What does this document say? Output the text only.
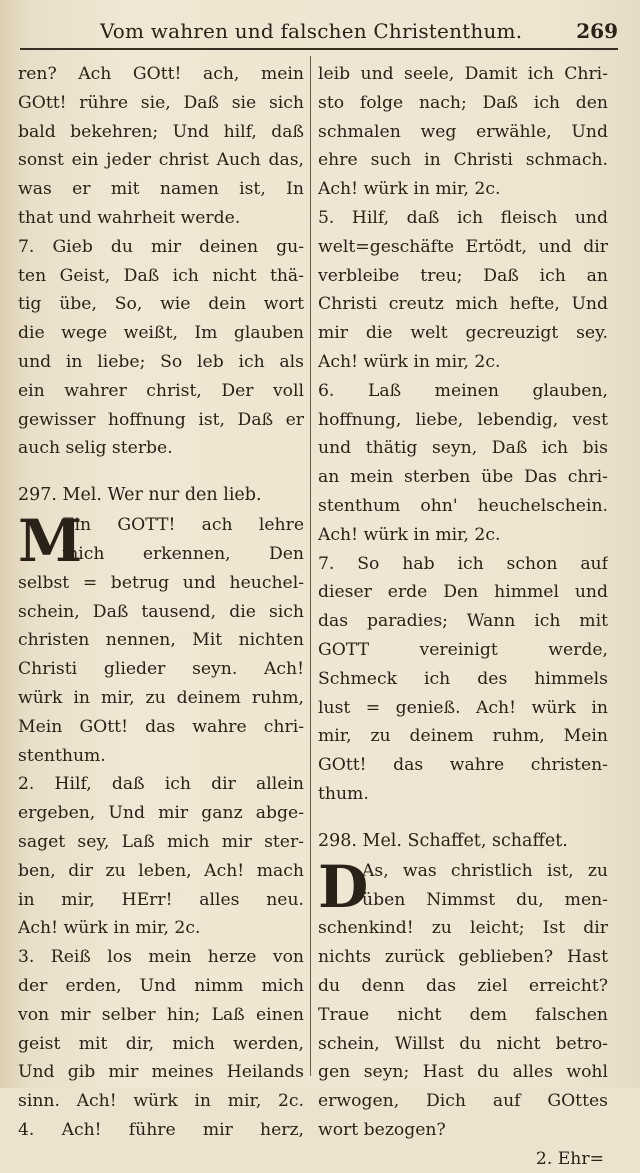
Vom wahren und falschen Christenthum.	269
ren? Ach GOtt! ach, mein
GOtt! rühre sie, Daß sie sich
bald bekehren; Und hilf, daß
sonst ein jeder christ Auch das,
was er mit namen ist, In
that und wahrheit werde.
7. Gieb du mir deinen gu-
ten Geist, Daß ich nicht thä-
tig übe, So, wie dein wort
die wege weißt, Im glauben
und in liebe; So leb ich als
ein wahrer christ, Der voll
gewisser hoffnung ist, Daß er
auch selig sterbe.
297. Mel. Wer nur den lieb.
M
Ein GOTT! ach lehre
mich erkennen, Den
selbst = betrug und heuchel-
schein, Daß tausend, die sich
christen nennen, Mit nichten
Christi glieder seyn. Ach!
würk in mir, zu deinem ruhm,
Mein GOtt! das wahre chri-
stenthum.
2. Hilf, daß ich dir allein
ergeben, Und mir ganz abge-
saget sey, Laß mich mir ster-
ben, dir zu leben, Ach! mach
in mir, HErr! alles neu.
Ach! würk in mir, 2c.
3. Reiß los mein herze von
der erden, Und nimm mich
von mir selber hin; Laß einen
geist mit dir, mich werden,
Und gib mir meines Heilands
sinn. Ach! würk in mir, 2c.
4. Ach! führe mir herz,
leib und seele, Damit ich Chri-
sto folge nach; Daß ich den
schmalen weg erwähle, Und
ehre such in Christi schmach.
Ach! würk in mir, 2c.
5. Hilf, daß ich fleisch und
welt=geschäfte Ertödt, und dir
verbleibe treu; Daß ich an
Christi creutz mich hefte, Und
mir die welt gecreuzigt sey.
Ach! würk in mir, 2c.
6. Laß meinen glauben,
hoffnung, liebe, lebendig, vest
und thätig seyn, Daß ich bis
an mein sterben übe Das chri-
stenthum ohn' heuchelschein.
Ach! würk in mir, 2c.
7. So hab ich schon auf
dieser erde Den himmel und
das paradies; Wann ich mit
GOTT vereinigt werde,
Schmeck ich des himmels
lust = genieß. Ach! würk in
mir, zu deinem ruhm, Mein
GOtt! das wahre christen-
thum.
298. Mel. Schaffet, schaffet.
D
As, was christlich ist, zu
üben Nimmst du, men-
schenkind! zu leicht; Ist dir
nichts zurück geblieben? Hast
du denn das ziel erreicht?
Traue nicht dem falschen
schein, Willst du nicht betro-
gen seyn; Hast du alles wohl
erwogen, Dich auf GOttes
wort bezogen?
2. Ehr=
